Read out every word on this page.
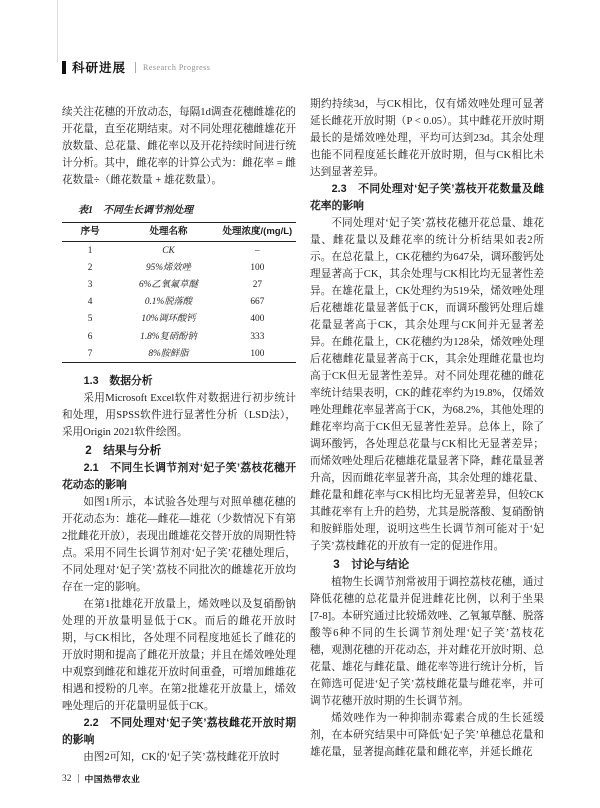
科研进展 Research Progress

续关注花穗的开放动态，每隔1d调查花穗雌雄花的开花量，直至花期结束。对不同处理花穗雌雄花开放数量、总花量、雌花率以及开花持续时间进行统计分析。其中，雌花率的计算公式为：雌花率 = 雌花数量÷（雌花数量 + 雄花数量）。

表1　不同生长调节剂处理
序号	处理名称	处理浓度/(mg/L)
1	CK	–
2	95%烯效唑	100
3	6%乙氧氟草醚	27
4	0.1%脱落酸	667
5	10%调环酸钙	400
6	1.8%复硝酚钠	333
7	8%胺鲜脂	100

1.3　数据分析

采用Microsoft Excel软件对数据进行初步统计和处理，用SPSS软件进行显著性分析（LSD法），采用Origin 2021软件绘图。

2　结果与分析

2.1　不同生长调节剂对‘妃子笑’荔枝花穗开花动态的影响

如图1所示，本试验各处理与对照单穗花穗的开花动态为：雄花—雌花—雄花（少数情况下有第2批雌花开放），表现出雌雄花交替开放的周期性特点。采用不同生长调节剂对‘妃子笑’花穗处理后，不同处理对‘妃子笑’荔枝不同批次的雌雄花开放均存在一定的影响。

在第1批雄花开放量上，烯效唑以及复硝酚钠处理的开放量明显低于CK。而后的雌花开放时期，与CK相比，各处理不同程度地延长了雌花的开放时期和提高了雌花开放量；并且在烯效唑处理中观察到雌花和雄花开放时间重叠，可增加雌雄花相遇和授粉的几率。在第2批雄花开放量上，烯效唑处理后的开花量明显低于CK。

2.2　不同处理对‘妃子笑’荔枝雌花开放时期的影响

由图2可知，CK的‘妃子笑’荔枝雌花开放时

期约持续3d，与CK相比，仅有烯效唑处理可显著延长雌花开放时期（P < 0.05）。其中雌花开放时期最长的是烯效唑处理，平均可达到23d。其余处理也能不同程度延长雌花开放时期，但与CK相比未达到显著差异。

2.3　不同处理对‘妃子笑’荔枝开花数量及雌花率的影响

不同处理对‘妃子笑’荔枝花穗开花总量、雄花量、雌花量以及雌花率的统计分析结果如表2所示。在总花量上，CK花穗约为647朵，调环酸钙处理显著高于CK，其余处理与CK相比均无显著性差异。在雄花量上，CK处理约为519朵，烯效唑处理后花穗雄花量显著低于CK，而调环酸钙处理后雄花量显著高于CK，其余处理与CK间并无显著差异。在雌花量上，CK花穗约为128朵，烯效唑处理后花穗雌花量显著高于CK，其余处理雌花量也均高于CK但无显著性差异。对不同处理花穗的雌花率统计结果表明，CK的雌花率约为19.8%，仅烯效唑处理雌花率显著高于CK，为68.2%，其他处理的雌花率均高于CK但无显著性差异。总体上，除了调环酸钙，各处理总花量与CK相比无显著差异；而烯效唑处理后花穗雄花量显著下降，雌花量显著升高，因而雌花率显著升高，其余处理的雄花量、雌花量和雌花率与CK相比均无显著差异，但较CK其雌花率有上升的趋势，尤其是脱落酸、复硝酚钠和胺鲜脂处理，说明这些生长调节剂可能对于‘妃子笑’荔枝雌花的开放有一定的促进作用。

3　讨论与结论

植物生长调节剂常被用于调控荔枝花穗，通过降低花穗的总花量并促进雌花比例，以利于坐果[7-8]。本研究通过比较烯效唑、乙氧氟草醚、脱落酸等6种不同的生长调节剂处理‘妃子笑’荔枝花穗，观测花穗的开花动态，并对雌花开放时期、总花量、雄花与雌花量、雌花率等进行统计分析，旨在筛选可促进‘妃子笑’荔枝雌花量与雌花率，并可调节花穗开放时期的生长调节剂。

烯效唑作为一种抑制赤霉素合成的生长延缓剂，在本研究结果中可降低‘妃子笑’单穗总花量和雄花量，显著提高雌花量和雌花率，并延长雌花

32 中国热带农业
